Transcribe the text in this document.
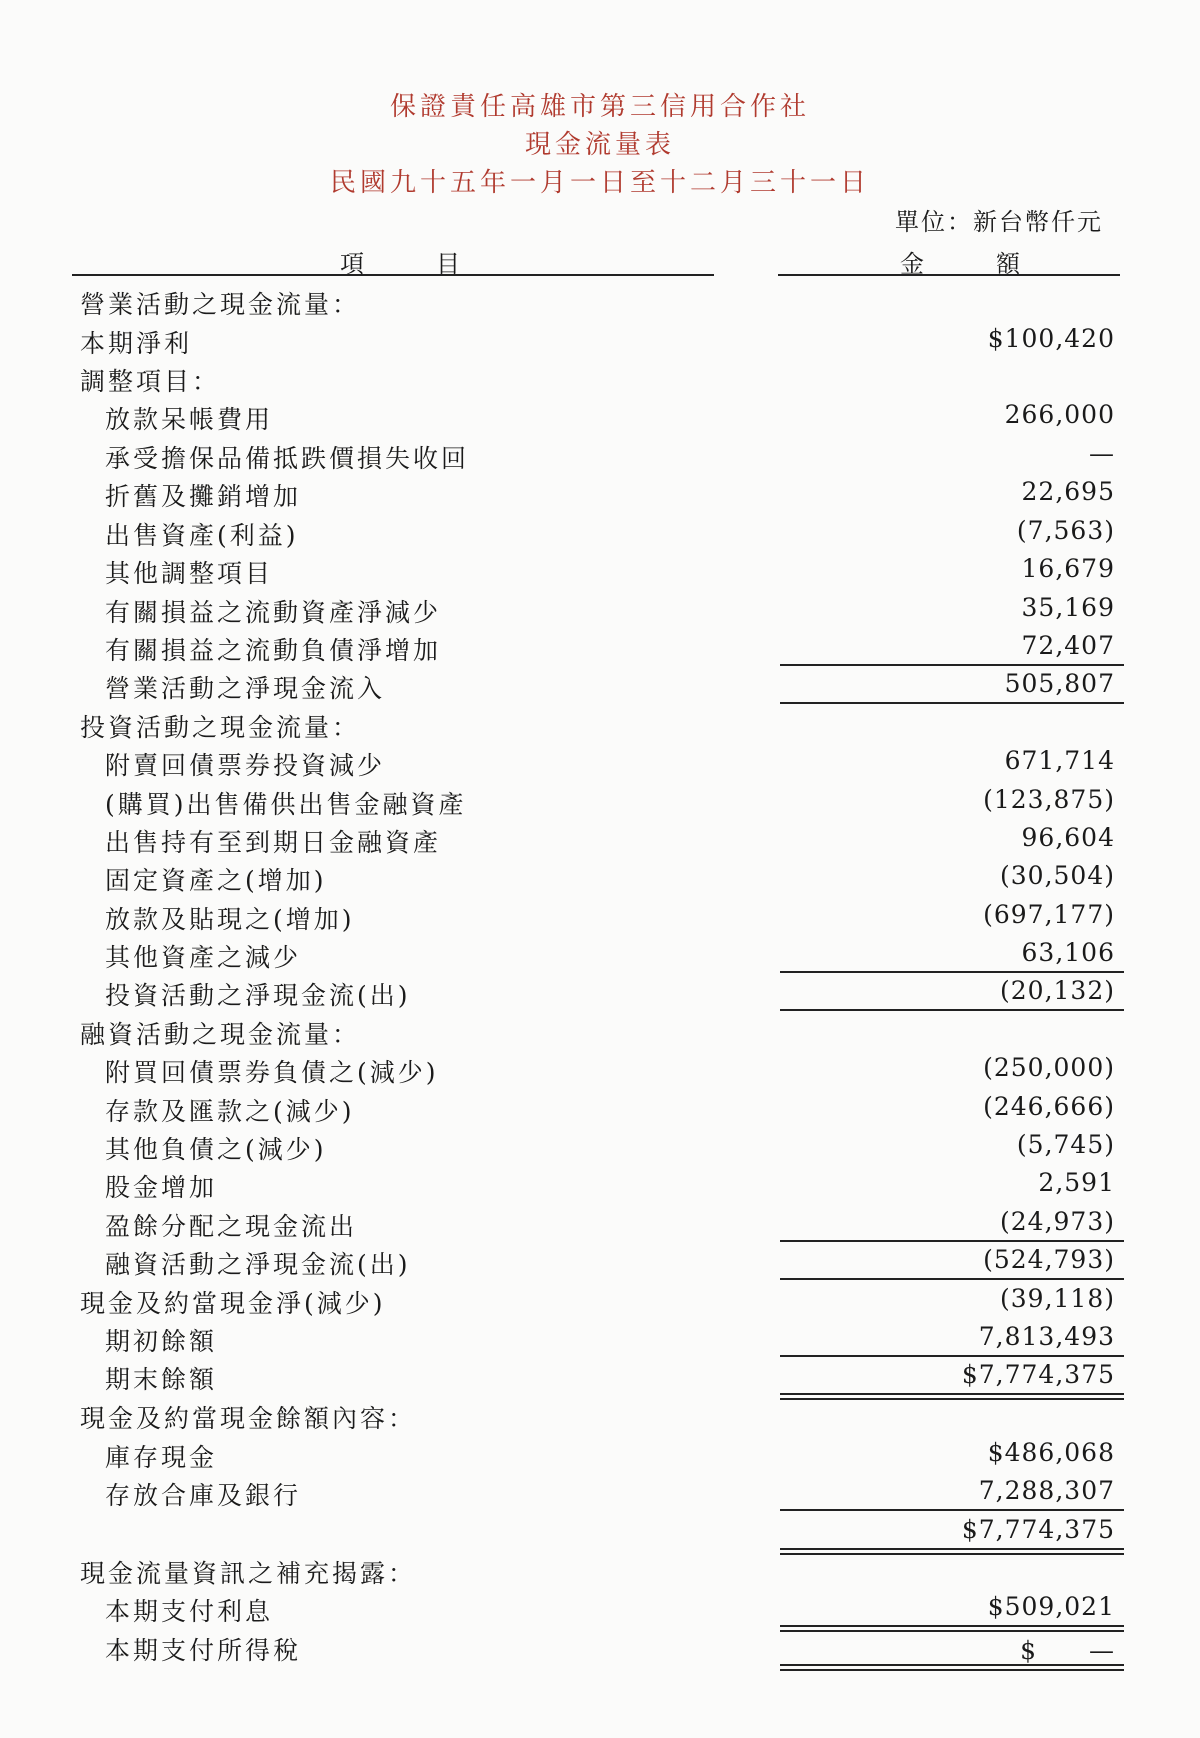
保證責任高雄市第三信用合作社
現金流量表
民國九十五年一月一日至十二月三十一日
單位：新台幣仟元
項　　目	金　　額
營業活動之現金流量：
本期淨利	$100,420
調整項目：
放款呆帳費用	266,000
承受擔保品備抵跌價損失收回	—
折舊及攤銷增加	22,695
出售資產(利益)	(7,563)
其他調整項目	16,679
有關損益之流動資產淨減少	35,169
有關損益之流動負債淨增加	72,407
營業活動之淨現金流入	505,807
投資活動之現金流量：
附賣回債票券投資減少	671,714
(購買)出售備供出售金融資產	(123,875)
出售持有至到期日金融資產	96,604
固定資產之(增加)	(30,504)
放款及貼現之(增加)	(697,177)
其他資產之減少	63,106
投資活動之淨現金流(出)	(20,132)
融資活動之現金流量：
附買回債票券負債之(減少)	(250,000)
存款及匯款之(減少)	(246,666)
其他負債之(減少)	(5,745)
股金增加	2,591
盈餘分配之現金流出	(24,973)
融資活動之淨現金流(出)	(524,793)
現金及約當現金淨(減少)	(39,118)
期初餘額	7,813,493
期末餘額	$7,774,375
現金及約當現金餘額內容：
庫存現金	$486,068
存放合庫及銀行	7,288,307
$7,774,375
現金流量資訊之補充揭露：
本期支付利息	$509,021
本期支付所得稅	$　　—
